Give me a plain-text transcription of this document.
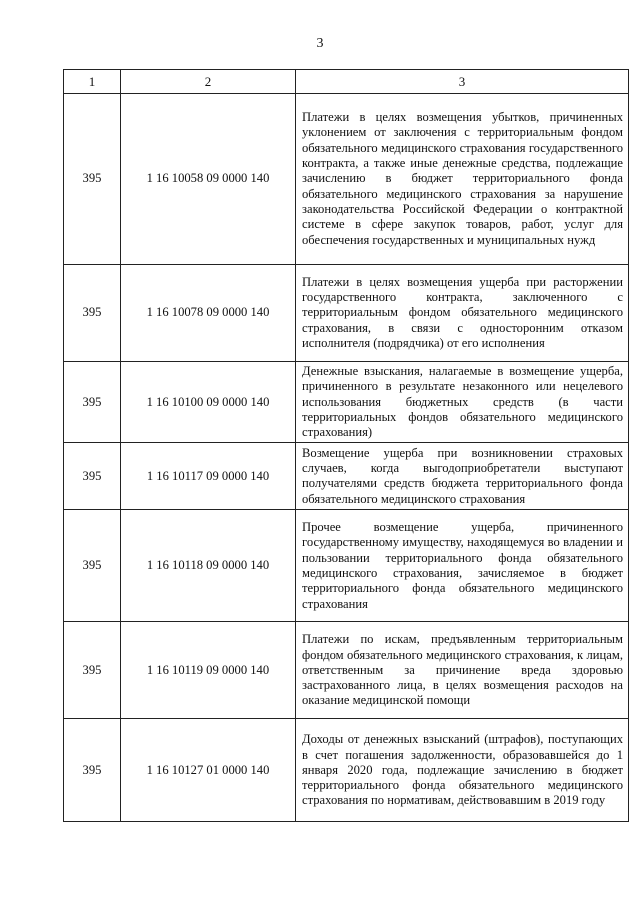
3
1	2	3
395	1 16 10058 09 0000 140	Платежи в целях возмещения убытков, причиненных уклонением от заключения с территориальным фондом обязательного медицинского страхования государственного контракта, а также иные денежные средства, подлежащие зачислению в бюджет территориального фонда обязательного медицинского страхования за нарушение законодательства Российской Федерации о контрактной системе в сфере закупок товаров, работ, услуг для обеспечения государственных и муниципальных нужд
395	1 16 10078 09 0000 140	Платежи в целях возмещения ущерба при расторжении государственного контракта, заключенного с территориальным фондом обязательного медицинского страхования, в связи с односторонним отказом исполнителя (подрядчика) от его исполнения
395	1 16 10100 09 0000 140	Денежные взыскания, налагаемые в возмещение ущерба, причиненного в результате незаконного или нецелевого использования бюджетных средств (в части территориальных фондов обязательного медицинского страхования)
395	1 16 10117 09 0000 140	Возмещение ущерба при возникновении страховых случаев, когда выгодоприобретатели выступают получателями средств бюджета территориального фонда обязательного медицинского страхования
395	1 16 10118 09 0000 140	Прочее возмещение ущерба, причиненного государственному имуществу, находящемуся во владении и пользовании территориального фонда обязательного медицинского страхования, зачисляемое в бюджет территориального фонда обязательного медицинского страхования
395	1 16 10119 09 0000 140	Платежи по искам, предъявленным территориальным фондом обязательного медицинского страхования, к лицам, ответственным за причинение вреда здоровью застрахованного лица, в целях возмещения расходов на оказание медицинской помощи
395	1 16 10127 01 0000 140	Доходы от денежных взысканий (штрафов), поступающих в счет погашения задолженности, образовавшейся до 1 января 2020 года, подлежащие зачислению в бюджет территориального фонда обязательного медицинского страхования по нормативам, действовавшим в 2019 году
